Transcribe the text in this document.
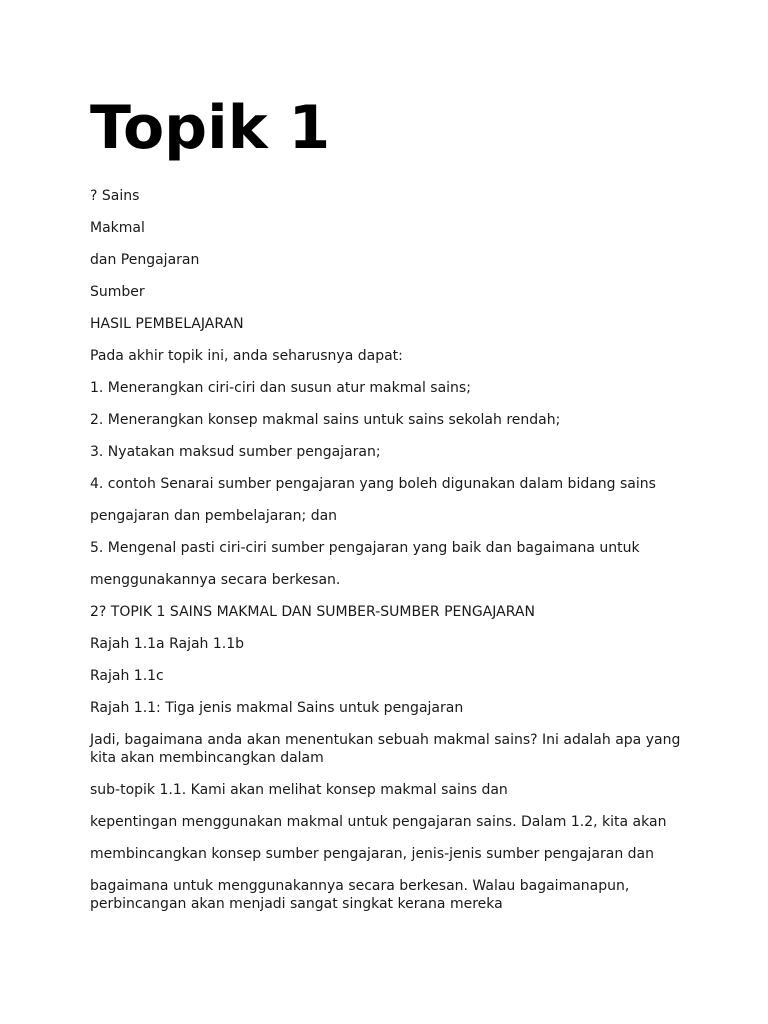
Topik 1

? Sains

Makmal

dan Pengajaran

Sumber

HASIL PEMBELAJARAN

Pada akhir topik ini, anda seharusnya dapat:

1. Menerangkan ciri-ciri dan susun atur makmal sains;

2. Menerangkan konsep makmal sains untuk sains sekolah rendah;

3. Nyatakan maksud sumber pengajaran;

4. contoh Senarai sumber pengajaran yang boleh digunakan dalam bidang sains

pengajaran dan pembelajaran; dan

5. Mengenal pasti ciri-ciri sumber pengajaran yang baik dan bagaimana untuk

menggunakannya secara berkesan.

2? TOPIK 1 SAINS MAKMAL DAN SUMBER-SUMBER PENGAJARAN

Rajah 1.1a Rajah 1.1b

Rajah 1.1c

Rajah 1.1: Tiga jenis makmal Sains untuk pengajaran

Jadi, bagaimana anda akan menentukan sebuah makmal sains? Ini adalah apa yang kita akan membincangkan dalam

sub-topik 1.1. Kami akan melihat konsep makmal sains dan

kepentingan menggunakan makmal untuk pengajaran sains. Dalam 1.2, kita akan

membincangkan konsep sumber pengajaran, jenis-jenis sumber pengajaran dan

bagaimana untuk menggunakannya secara berkesan. Walau bagaimanapun, perbincangan akan menjadi sangat singkat kerana mereka
